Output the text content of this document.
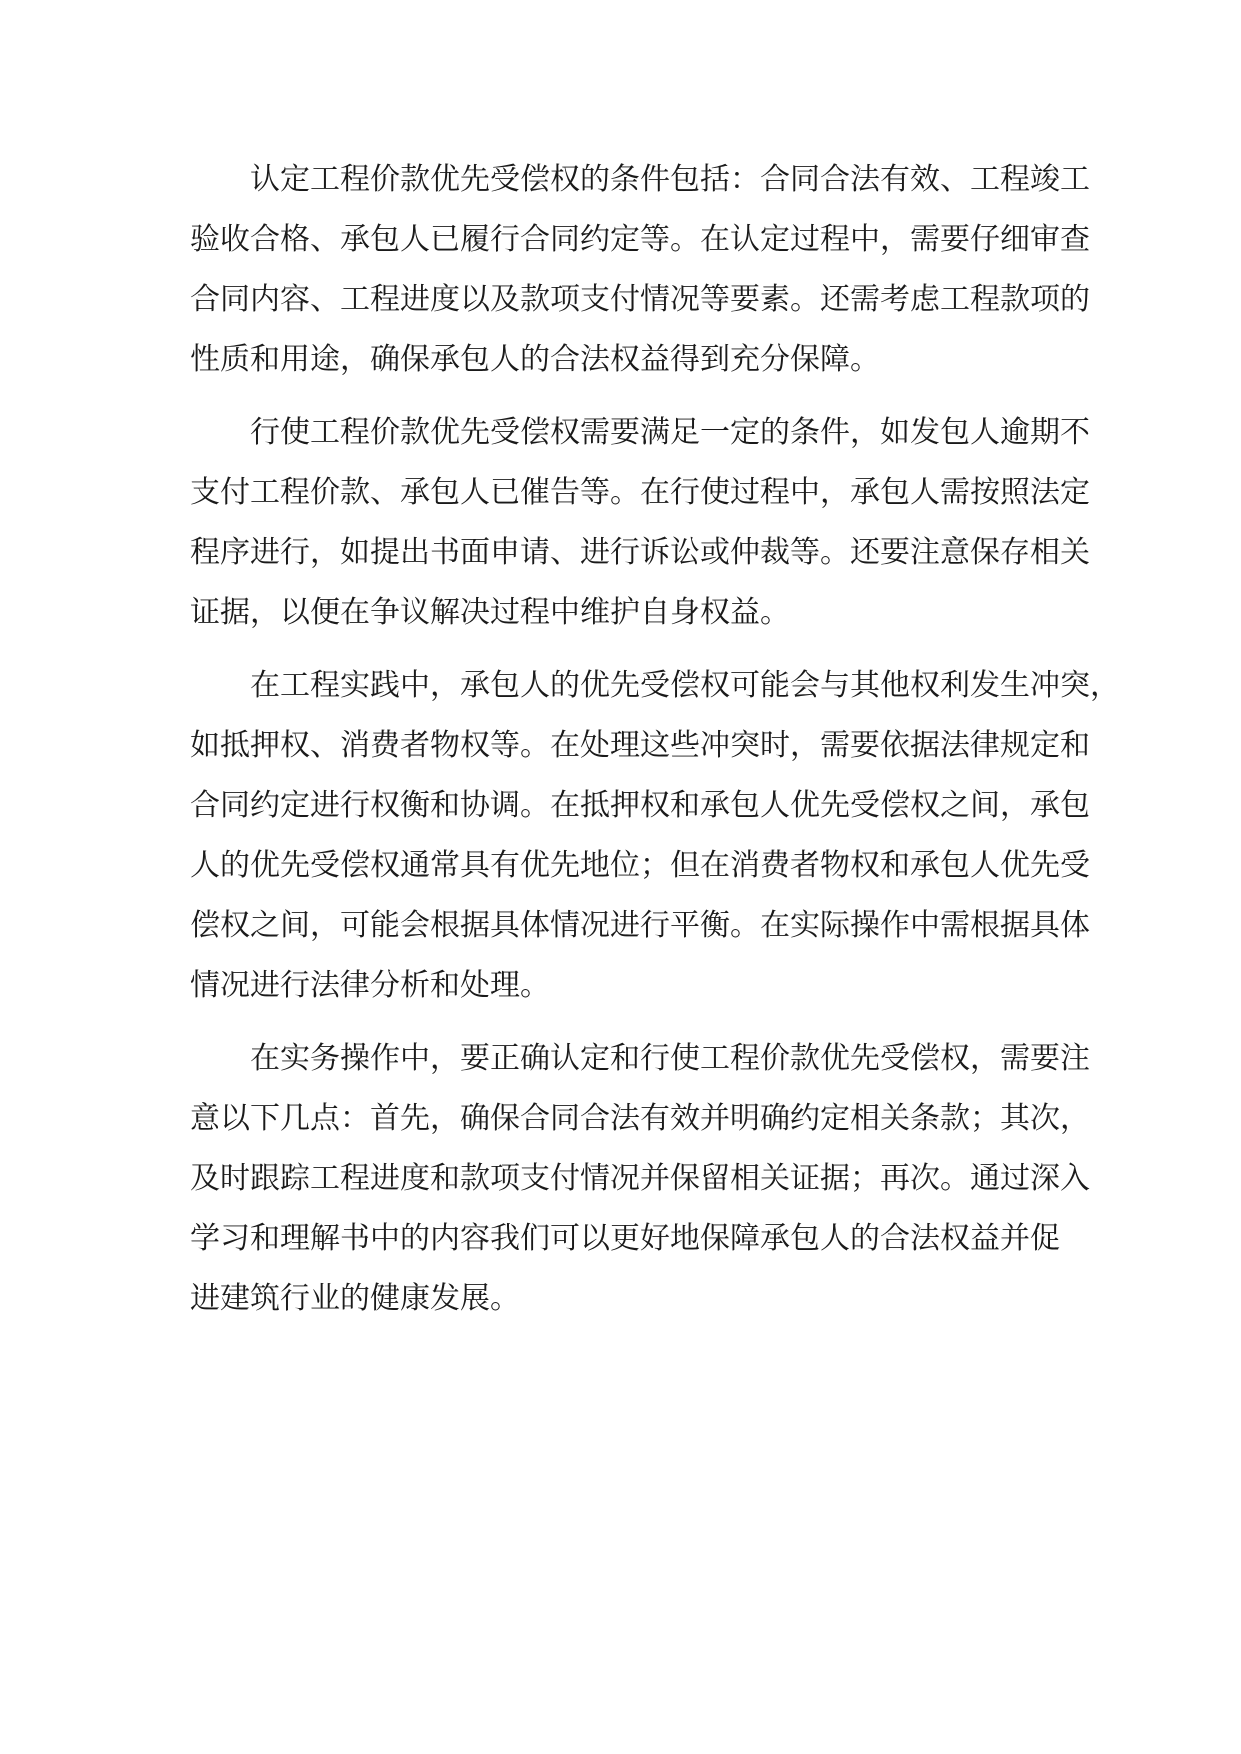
认定工程价款优先受偿权的条件包括：合同合法有效、工程竣工
验收合格、承包人已履行合同约定等。在认定过程中，需要仔细审查
合同内容、工程进度以及款项支付情况等要素。还需考虑工程款项的
性质和用途，确保承包人的合法权益得到充分保障。

行使工程价款优先受偿权需要满足一定的条件，如发包人逾期不
支付工程价款、承包人已催告等。在行使过程中，承包人需按照法定
程序进行，如提出书面申请、进行诉讼或仲裁等。还要注意保存相关
证据，以便在争议解决过程中维护自身权益。

在工程实践中，承包人的优先受偿权可能会与其他权利发生冲突，
如抵押权、消费者物权等。在处理这些冲突时，需要依据法律规定和
合同约定进行权衡和协调。在抵押权和承包人优先受偿权之间，承包
人的优先受偿权通常具有优先地位；但在消费者物权和承包人优先受
偿权之间，可能会根据具体情况进行平衡。在实际操作中需根据具体
情况进行法律分析和处理。

在实务操作中，要正确认定和行使工程价款优先受偿权，需要注
意以下几点：首先，确保合同合法有效并明确约定相关条款；其次，
及时跟踪工程进度和款项支付情况并保留相关证据；再次。通过深入
学习和理解书中的内容我们可以更好地保障承包人的合法权益并促
进建筑行业的健康发展。
